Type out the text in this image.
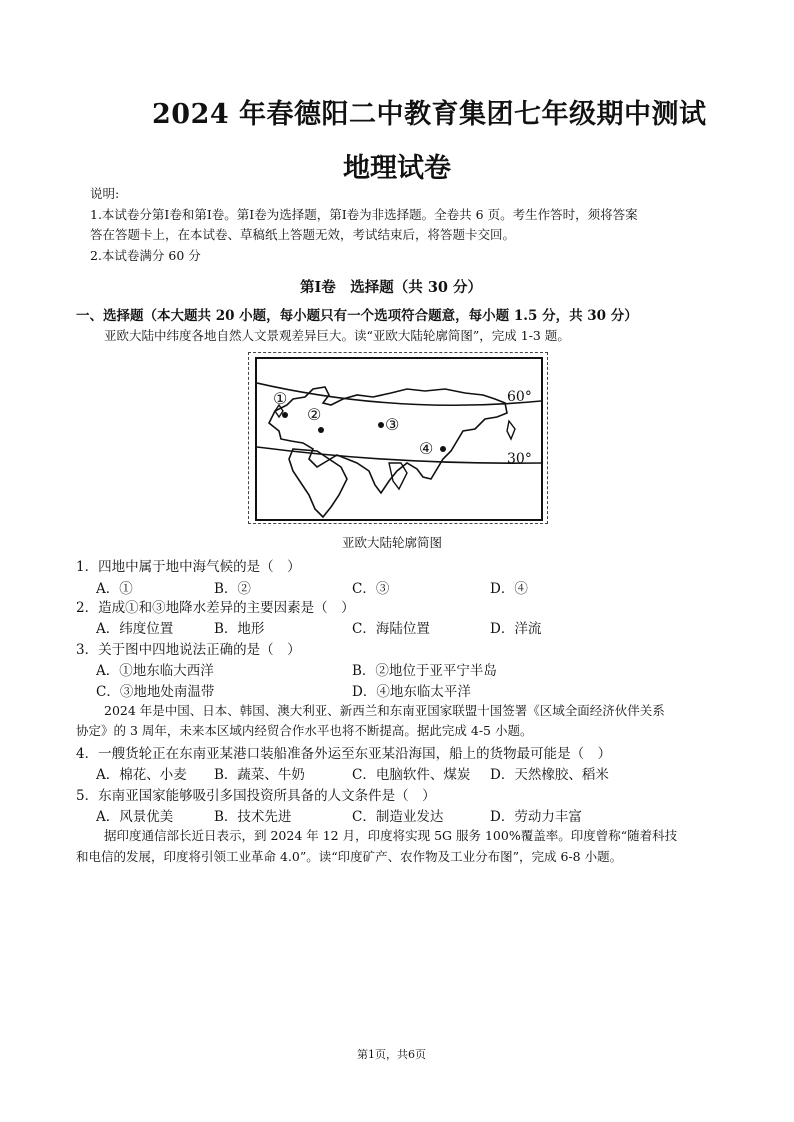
2024 年春德阳二中教育集团七年级期中测试
地理试卷
说明:
1.本试卷分第Ⅰ卷和第Ⅰ卷。第Ⅰ卷为选择题，第Ⅰ卷为非选择题。全卷共 6 页。考生作答时，须将答案
答在答题卡上，在本试卷、草稿纸上答题无效，考试结束后，将答题卡交回。
2.本试卷满分 60 分
第Ⅰ卷　选择题（共 30 分）
一、选择题（本大题共 20 小题，每小题只有一个选项符合题意，每小题 1.5 分，共 30 分）
亚欧大陆中纬度各地自然人文景观差异巨大。读“亚欧大陆轮廓简图”，完成 1-3 题。
①
②
③
④
60°
30°
亚欧大陆轮廓简图
1．四地中属于地中海气候的是（　）
A．①	B．②	C．③	D．④
2．造成①和③地降水差异的主要因素是（　）
A．纬度位置	B．地形	C．海陆位置	D．洋流
3．关于图中四地说法正确的是（　）
A．①地东临大西洋	B．②地位于亚平宁半岛
C．③地地处南温带	D．④地东临太平洋
2024 年是中国、日本、韩国、澳大利亚、新西兰和东南亚国家联盟十国签署《区域全面经济伙伴关系
协定》的 3 周年，未来本区域内经贸合作水平也将不断提高。据此完成 4-5 小题。
4．一艘货轮正在东南亚某港口装船准备外运至东亚某沿海国，船上的货物最可能是（　）
A．棉花、小麦 B．蔬菜、牛奶	C．电脑软件、煤炭 D．天然橡胶、稻米
5．东南亚国家能够吸引多国投资所具备的人文条件是（　）
A．风景优美	B．技术先进	C．制造业发达	D．劳动力丰富
据印度通信部长近日表示，到 2024 年 12 月，印度将实现 5G 服务 100%覆盖率。印度曾称“随着科技
和电信的发展，印度将引领工业革命 4.0”。读“印度矿产、农作物及工业分布图”，完成 6-8 小题。
第1页，共6页
